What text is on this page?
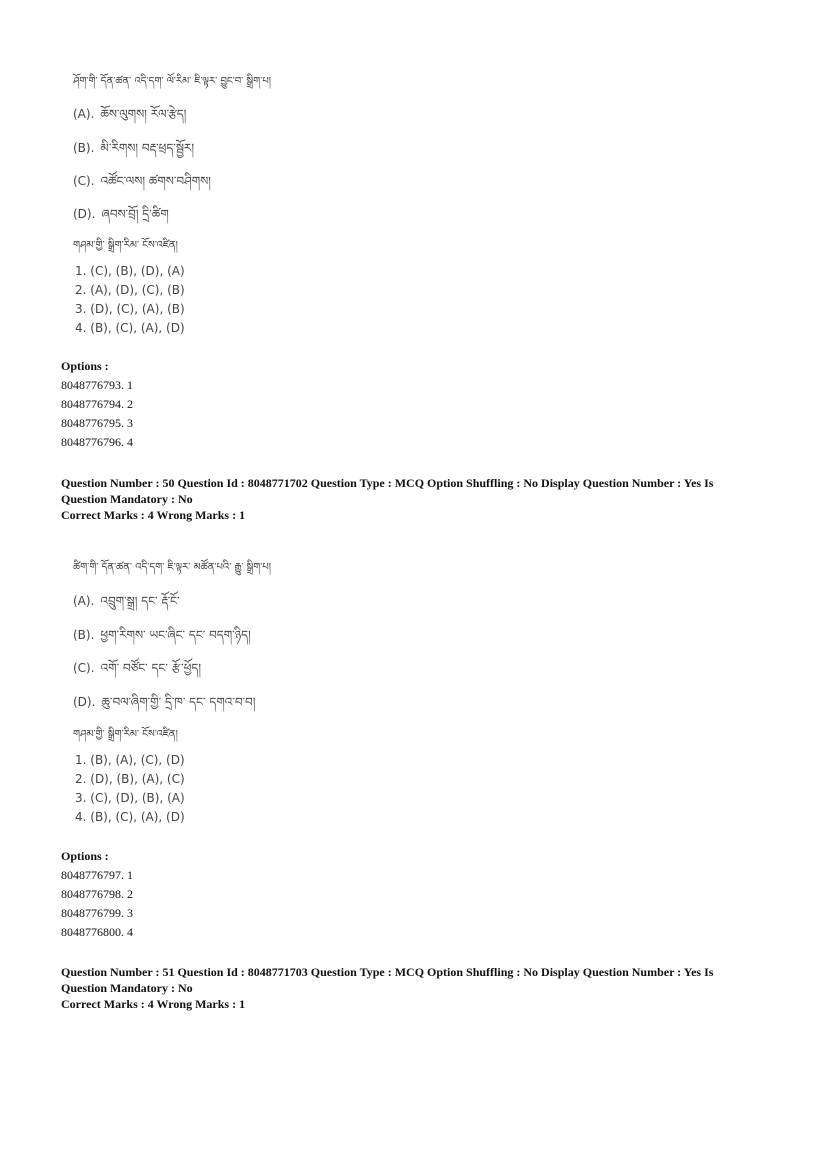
ཤོག་གི་ དོན་ཚན་ འདི་དག་ ལོ་རིམ་ ཇི་ལྟར་ བྱུང་བ་ སྒྲིག་པ།
(A). ཆོས་ལུགས། རོལ་རྩེད།
(B). མི་རིགས། བརྡ་ཕྲད་སྦྱོར།
(C). འཚོང་ལས། ཚགས་བཤིགས།
(D). ཞབས་བྲོ། དྲི་ཚིག
གཤམ་གྱི་ སྒྲིག་རིམ་ ངོས་འཛིན།
1. (C), (B), (D), (A)
2. (A), (D), (C), (B)
3. (D), (C), (A), (B)
4. (B), (C), (A), (D)
Options :
8048776793. 1
8048776794. 2
8048776795. 3
8048776796. 4
Question Number : 50 Question Id : 8048771702 Question Type : MCQ Option Shuffling : No Display Question Number : Yes Is
Question Mandatory : No
Correct Marks : 4 Wrong Marks : 1
ཚིག་གི་ དོན་ཚན་ འདི་དག་ ཇི་ལྟར་ མཚོན་པའི་ རྒྱུ་ སྒྲིག་པ།
(A). འབྲུག་སྒྲ། དང་ རྡོ་ངོ་
(B). ཕྱག་རིགས་ ཡང་ཞིང་ དང་ བདག་ཉིད།
(C). འགོ་ བཙོང་ དང་ རྩོ་ཕྱོད།
(D). ཆུ་བལ་ཞིག་གྱི་ དྲི་ཁ་ དང་ དགའ་བ་བ།
གཤམ་གྱི་ སྒྲིག་རིམ་ ངོས་འཛིན།
1. (B), (A), (C), (D)
2. (D), (B), (A), (C)
3. (C), (D), (B), (A)
4. (B), (C), (A), (D)
Options :
8048776797. 1
8048776798. 2
8048776799. 3
8048776800. 4
Question Number : 51 Question Id : 8048771703 Question Type : MCQ Option Shuffling : No Display Question Number : Yes Is
Question Mandatory : No
Correct Marks : 4 Wrong Marks : 1
